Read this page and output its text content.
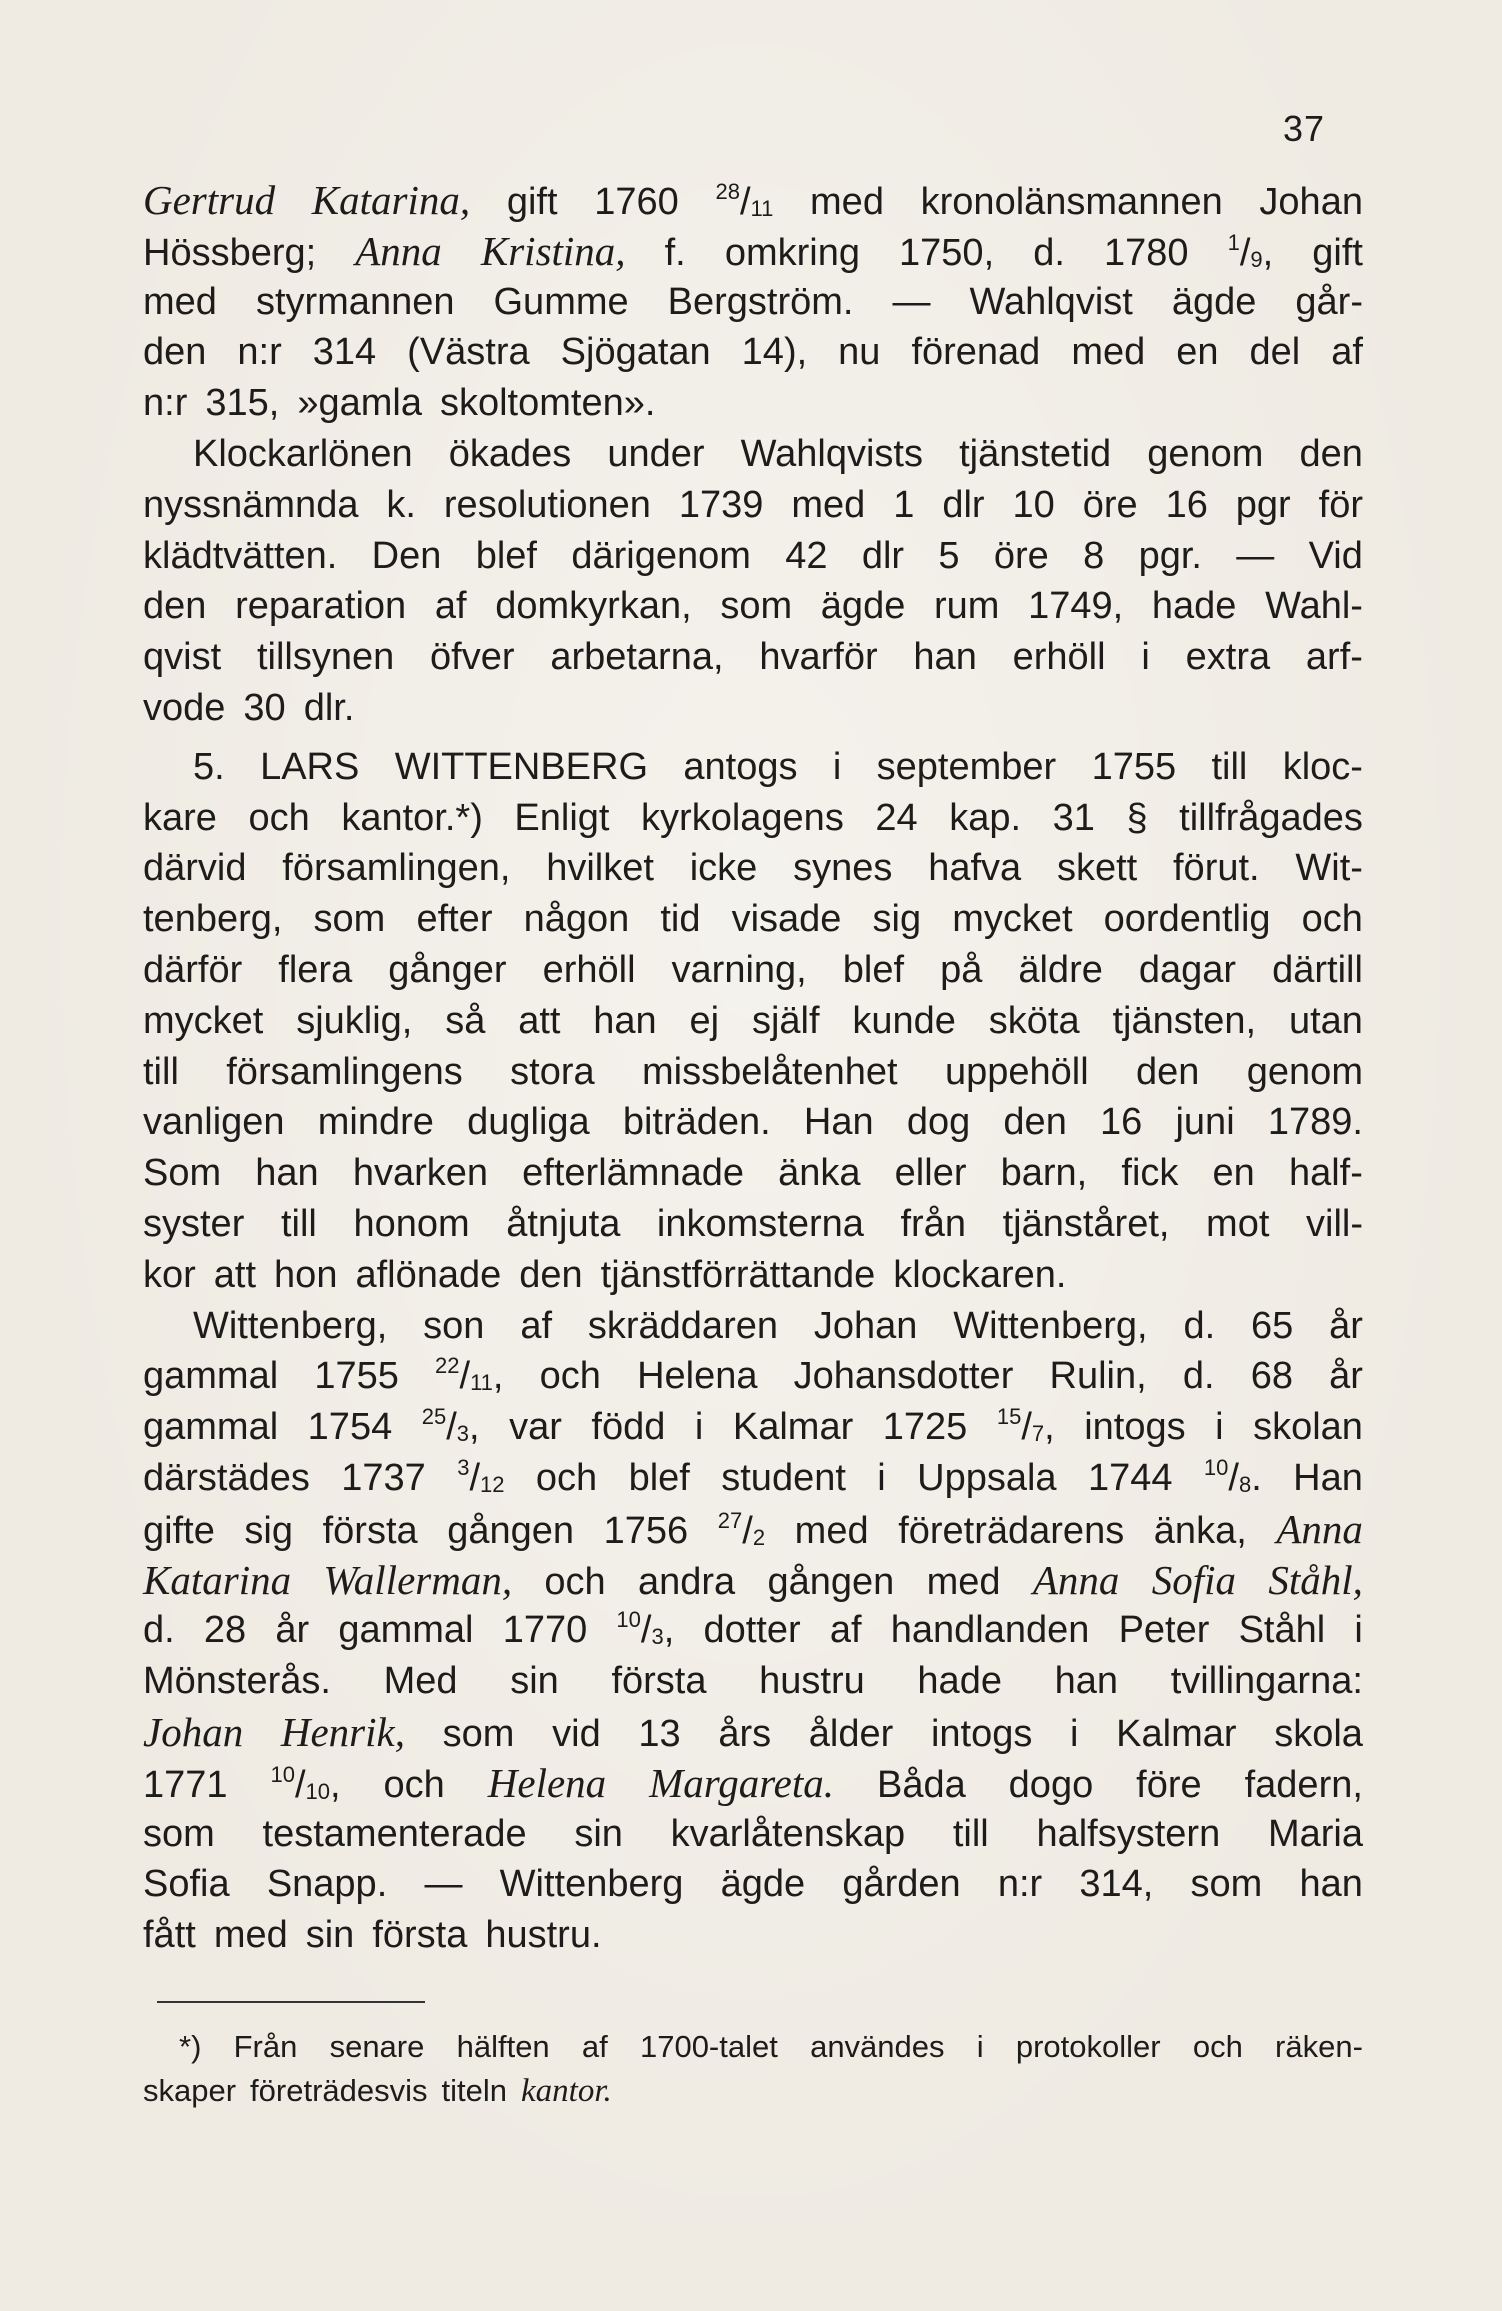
37
Gertrud Katarina, gift 1760 $^{28}/_{11}$ med kronolänsmannen Johan
Hössberg; Anna Kristina, f. omkring 1750, d. 1780 $^1/_9$, gift
med styrmannen Gumme Bergström. — Wahlqvist ägde går-
den n:r 314 (Västra Sjögatan 14), nu förenad med en del af
n:r 315, »gamla skoltomten».
Klockarlönen ökades under Wahlqvists tjänstetid genom den
nyssnämnda k. resolutionen 1739 med 1 dlr 10 öre 16 pgr för
klädtvätten. Den blef därigenom 42 dlr 5 öre 8 pgr. — Vid
den reparation af domkyrkan, som ägde rum 1749, hade Wahl-
qvist tillsynen öfver arbetarna, hvarför han erhöll i extra arf-
vode 30 dlr.
5. LARS WITTENBERG antogs i september 1755 till kloc-
kare och kantor.*) Enligt kyrkolagens 24 kap. 31 § tillfrågades
därvid församlingen, hvilket icke synes hafva skett förut. Wit-
tenberg, som efter någon tid visade sig mycket oordentlig och
därför flera gånger erhöll varning, blef på äldre dagar därtill
mycket sjuklig, så att han ej själf kunde sköta tjänsten, utan
till församlingens stora missbelåtenhet uppehöll den genom
vanligen mindre dugliga biträden. Han dog den 16 juni 1789.
Som han hvarken efterlämnade änka eller barn, fick en half-
syster till honom åtnjuta inkomsterna från tjänståret, mot vill-
kor att hon aflönade den tjänstförrättande klockaren.
Wittenberg, son af skräddaren Johan Wittenberg, d. 65 år
gammal 1755 $^{22}/_{11}$, och Helena Johansdotter Rulin, d. 68 år
gammal 1754 $^{25}/_3$, var född i Kalmar 1725 $^{15}/_7$, intogs i skolan
därstädes 1737 $^3/_{12}$ och blef student i Uppsala 1744 $^{10}/_8$. Han
gifte sig första gången 1756 $^{27}/_2$ med företrädarens änka, Anna
Katarina Wallerman, och andra gången med Anna Sofia Ståhl,
d. 28 år gammal 1770 $^{10}/_3$, dotter af handlanden Peter Ståhl i
Mönsterås. Med sin första hustru hade han tvillingarna:
Johan Henrik, som vid 13 års ålder intogs i Kalmar skola
1771 $^{10}/_{10}$, och Helena Margareta. Båda dogo före fadern,
som testamenterade sin kvarlåtenskap till halfsystern Maria
Sofia Snapp. — Wittenberg ägde gården n:r 314, som han
fått med sin första hustru.
*) Från senare hälften af 1700-talet användes i protokoller och räken-
skaper företrädesvis titeln kantor.
